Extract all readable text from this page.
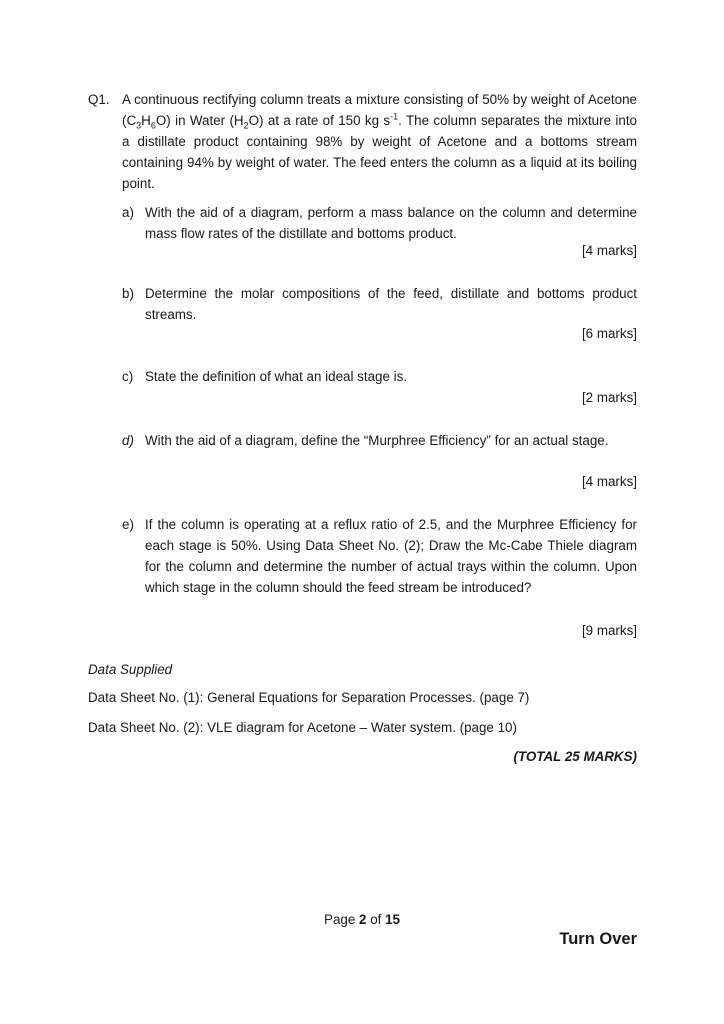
Q1. A continuous rectifying column treats a mixture consisting of 50% by weight of Acetone $(C_3H_6O)$ in Water $(H_2O)$ at a rate of 150 kg $s^{-1}$. The column separates the mixture into a distillate product containing 98% by weight of Acetone and a bottoms stream containing 94% by weight of water. The feed enters the column as a liquid at its boiling point.
a) With the aid of a diagram, perform a mass balance on the column and determine mass flow rates of the distillate and bottoms product.
[4 marks]
b) Determine the molar compositions of the feed, distillate and bottoms product streams.
[6 marks]
c) State the definition of what an ideal stage is.
[2 marks]
d) With the aid of a diagram, define the “Murphree Efficiency” for an actual stage.
[4 marks]
e) If the column is operating at a reflux ratio of 2.5, and the Murphree Efficiency for each stage is 50%. Using Data Sheet No. (2); Draw the Mc-Cabe Thiele diagram for the column and determine the number of actual trays within the column. Upon which stage in the column should the feed stream be introduced?
[9 marks]
Data Supplied
Data Sheet No. (1): General Equations for Separation Processes. (page 7)
Data Sheet No. (2): VLE diagram for Acetone – Water system. (page 10)
(TOTAL 25 MARKS)
Page 2 of 15
Turn Over
